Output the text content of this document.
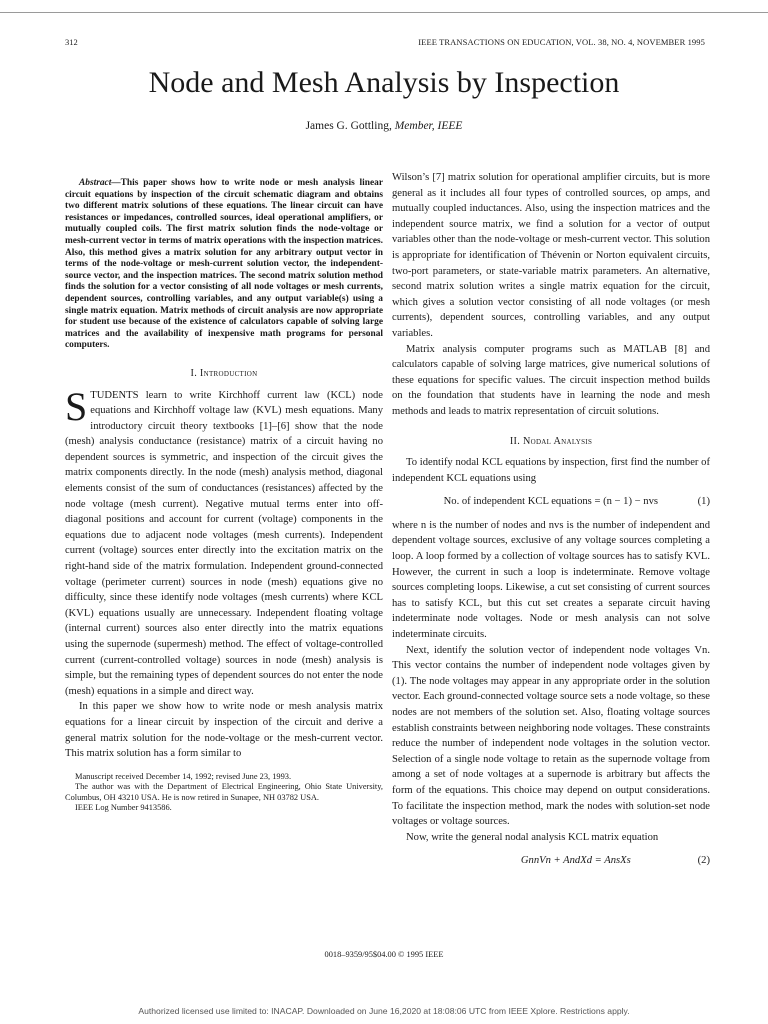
312	IEEE TRANSACTIONS ON EDUCATION, VOL. 38, NO. 4, NOVEMBER 1995
Node and Mesh Analysis by Inspection
James G. Gottling, Member, IEEE

Abstract—This paper shows how to write node or mesh analysis linear circuit equations by inspection of the circuit schematic diagram and obtains two different matrix solutions of these equations. The linear circuit can have resistances or impedances, controlled sources, ideal operational amplifiers, or mutually coupled coils. The first matrix solution finds the node-voltage or mesh-current vector in terms of matrix operations with the inspection matrices. Also, this method gives a matrix solution for any arbitrary output vector in terms of the node-voltage or mesh-current solution vector, the independent-source vector, and the inspection matrices. The second matrix solution method finds the solution for a vector consisting of all node voltages or mesh currents, dependent sources, controlling variables, and any output variable(s) using a single matrix equation. Matrix methods of circuit analysis are now appropriate for student use because of the existence of calculators capable of solving large matrices and the availability of inexpensive math programs for personal computers.

I. Introduction

STUDENTS learn to write Kirchhoff current law (KCL) node equations and Kirchhoff voltage law (KVL) mesh equations. Many introductory circuit theory textbooks [1]–[6] show that the node (mesh) analysis conductance (resistance) matrix of a circuit having no dependent sources is symmetric, and inspection of the circuit gives the matrix components directly. In the node (mesh) analysis method, diagonal elements consist of the sum of conductances (resistances) affected by the node voltage (mesh current). Negative mutual terms enter into off-diagonal positions and account for current (voltage) components in the equations due to adjacent node voltages (mesh currents). Independent current (voltage) sources enter directly into the excitation matrix on the right-hand side of the matrix formulation. Independent ground-connected voltage (perimeter current) sources in node (mesh) equations give no difficulty, since these identify node voltages (mesh currents) where KCL (KVL) equations usually are unnecessary. Independent floating voltage (internal current) sources also enter directly into the matrix equations using the supernode (supermesh) method. The effect of voltage-controlled current (current-controlled voltage) sources in node (mesh) analysis is simple, but the remaining types of dependent sources do not enter the node (mesh) equations in a simple and direct way.

In this paper we show how to write node or mesh analysis matrix equations for a linear circuit by inspection of the circuit and derive a general matrix solution for the node-voltage or the mesh-current vector. This matrix solution has a form similar to

Manuscript received December 14, 1992; revised June 23, 1993.

The author was with the Department of Electrical Engineering, Ohio State University, Columbus, OH 43210 USA. He is now retired in Sunapee, NH 03782 USA.

IEEE Log Number 9413586.

Wilson’s [7] matrix solution for operational amplifier circuits, but is more general as it includes all four types of controlled sources, op amps, and mutually coupled inductances. Also, using the inspection matrices and the independent source matrix, we find a solution for a vector of output variables other than the node-voltage or mesh-current vector. This solution is appropriate for identification of Thévenin or Norton equivalent circuits, two-port parameters, or state-variable matrix parameters. An alternative, second matrix solution writes a single matrix equation for the circuit, which gives a solution vector consisting of all node voltages (or mesh currents), dependent sources, controlling variables, and any output variables.

Matrix analysis computer programs such as MATLAB [8] and calculators capable of solving large matrices, give numerical solutions of these equations for specific values. The circuit inspection method builds on the foundation that students have in learning the node and mesh methods and leads to matrix representation of circuit solutions.

II. Nodal Analysis

To identify nodal KCL equations by inspection, first find the number of independent KCL equations using

No. of independent KCL equations = (n − 1) − nvs	(1)

where n is the number of nodes and nvs is the number of independent and dependent voltage sources, exclusive of any voltage sources completing a loop. A loop formed by a collection of voltage sources has to satisfy KVL. However, the current in such a loop is indeterminate. Remove voltage sources completing loops. Likewise, a cut set consisting of current sources has to satisfy KCL, but this cut set creates a separate circuit having indeterminate node voltages. Node or mesh analysis can not solve indeterminate circuits.

Next, identify the solution vector of independent node voltages Vn. This vector contains the number of independent node voltages given by (1). The node voltages may appear in any appropriate order in the solution vector. Each ground-connected voltage source sets a node voltage, so these nodes are not members of the solution set. Also, floating voltage sources establish constraints between neighboring node voltages. These constraints reduce the number of independent node voltages in the solution vector. Selection of a single node voltage to retain as the supernode voltage from among a set of node voltages at a supernode is arbitrary but affects the form of the equations. This choice may depend on output considerations. To facilitate the inspection method, mark the nodes with solution-set node voltages or voltage sources.

Now, write the general nodal analysis KCL matrix equation

GnnVn + AndXd = AnsXs	(2)
0018–9359/95$04.00 © 1995 IEEE
Authorized licensed use limited to: INACAP. Downloaded on June 16,2020 at 18:08:06 UTC from IEEE Xplore. Restrictions apply.
